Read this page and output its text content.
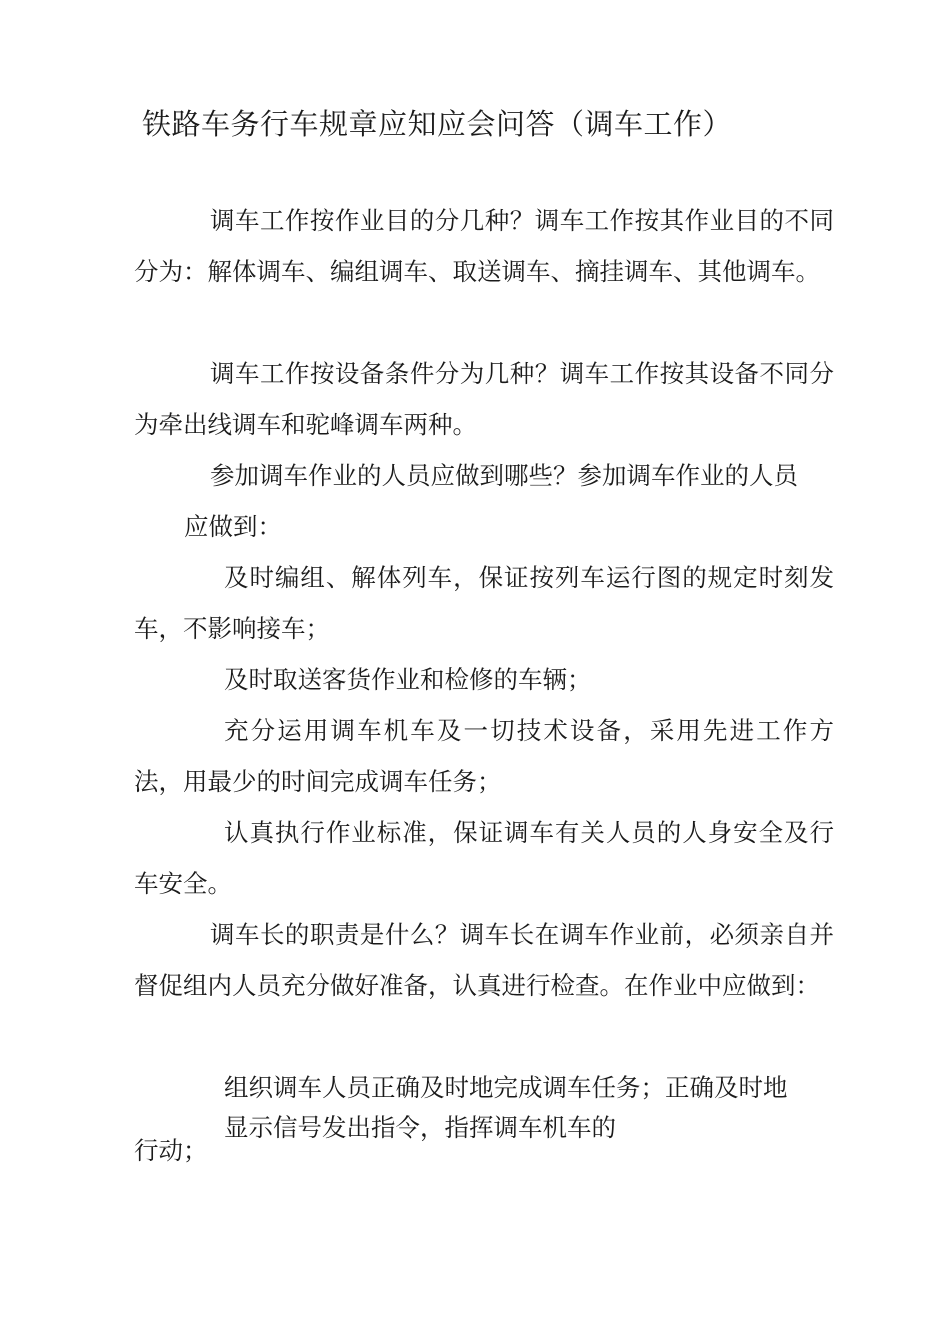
铁路车务行车规章应知应会问答（调车工作）

调车工作按作业目的分几种？调车工作按其作业目的不同分为：解体调车、编组调车、取送调车、摘挂调车、其他调车。

调车工作按设备条件分为几种？调车工作按其设备不同分为牵出线调车和驼峰调车两种。

参加调车作业的人员应做到哪些？参加调车作业的人员

应做到：

及时编组、解体列车，保证按列车运行图的规定时刻发车，不影响接车；

及时取送客货作业和检修的车辆；

充分运用调车机车及一切技术设备，采用先进工作方法，用最少的时间完成调车任务；

认真执行作业标准，保证调车有关人员的人身安全及行车安全。

调车长的职责是什么？调车长在调车作业前，必须亲自并督促组内人员充分做好准备，认真进行检查。在作业中应做到：

组织调车人员正确及时地完成调车任务；正确及时地

显示信号发出指令，指挥调车机车的

行动；
